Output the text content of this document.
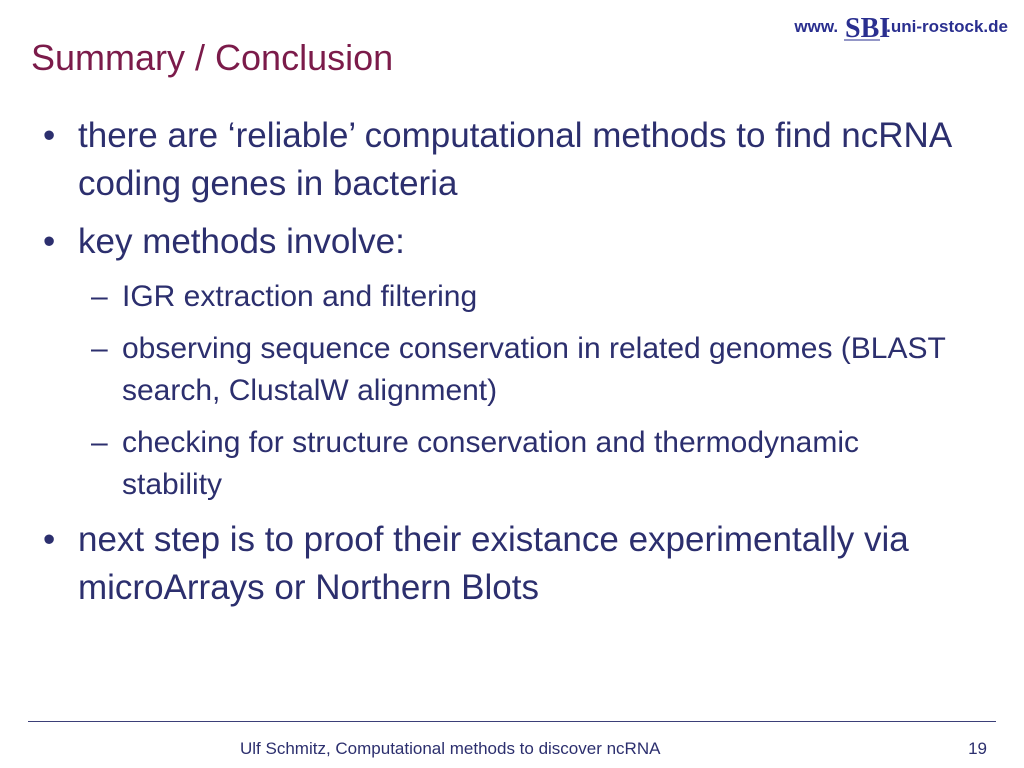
Summary / Conclusion
www. SBI
.uni-rostock.de
• there are ‘reliable’ computational methods to find ncRNA coding genes in bacteria
• key methods involve:
– IGR extraction and filtering
– observing sequence conservation in related genomes (BLAST search, ClustalW alignment)
– checking for structure conservation and thermodynamic stability
• next step is to proof their existance experimentally via microArrays or Northern Blots
Ulf Schmitz, Computational methods to discover ncRNA	19
